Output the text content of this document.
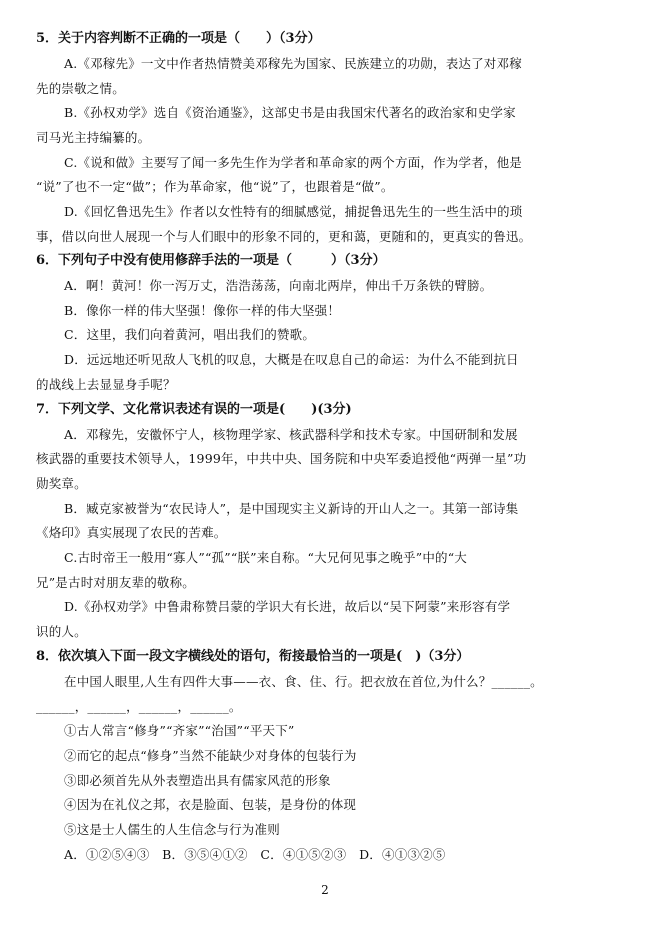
5．关于内容判断不正确的一项是（　　）（3分）
A.《邓稼先》一文中作者热情赞美邓稼先为国家、民族建立的功勋，表达了对邓稼
先的崇敬之情。
B.《孙权劝学》选自《资治通鉴》，这部史书是由我国宋代著名的政治家和史学家
司马光主持编纂的。
C.《说和做》主要写了闻一多先生作为学者和革命家的两个方面，作为学者，他是
“说”了也不一定“做”；作为革命家，他“说”了，也跟着是“做”。
D.《回忆鲁迅先生》作者以女性特有的细腻感觉，捕捉鲁迅先生的一些生活中的琐
事，借以向世人展现一个与人们眼中的形象不同的，更和蔼，更随和的，更真实的鲁迅。
6．下列句子中没有使用修辞手法的一项是（　　　）（3分）
A．啊！黄河！你一泻万丈，浩浩荡荡，向南北两岸，伸出千万条铁的臂膀。
B．像你一样的伟大坚强！像你一样的伟大坚强！
C．这里，我们向着黄河，唱出我们的赞歌。
D．远远地还听见敌人飞机的叹息，大概是在叹息自己的命运：为什么不能到抗日
的战线上去显显身手呢？
7．下列文学、文化常识表述有误的一项是(　　)(3分)
A．邓稼先，安徽怀宁人，核物理学家、核武器科学和技术专家。中国研制和发展
核武器的重要技术领导人，1999年，中共中央、国务院和中央军委追授他“两弹一星”功
勋奖章。
B．臧克家被誉为“农民诗人”，是中国现实主义新诗的开山人之一。其第一部诗集
《烙印》真实展现了农民的苦难。
C.古时帝王一般用“寡人”“孤”“朕”来自称。“大兄何见事之晚乎”中的“大
兄”是古时对朋友辈的敬称。
D.《孙权劝学》中鲁肃称赞吕蒙的学识大有长进，故后以“吴下阿蒙”来形容有学
识的人。
8．依次填入下面一段文字横线处的语句，衔接最恰当的一项是(　)（3分）
在中国人眼里,人生有四件大事——衣、食、住、行。把衣放在首位,为什么？______。
______，______，______，______。
①古人常言“修身”“齐家”“治国”“平天下”
②而它的起点“修身”当然不能缺少对身体的包装行为
③即必须首先从外表塑造出具有儒家风范的形象
④因为在礼仪之邦，衣是脸面、包装，是身份的体现
⑤这是士人儒生的人生信念与行为准则
A．①②⑤④③　B．③⑤④①②　C．④①⑤②③　D．④①③②⑤
2
